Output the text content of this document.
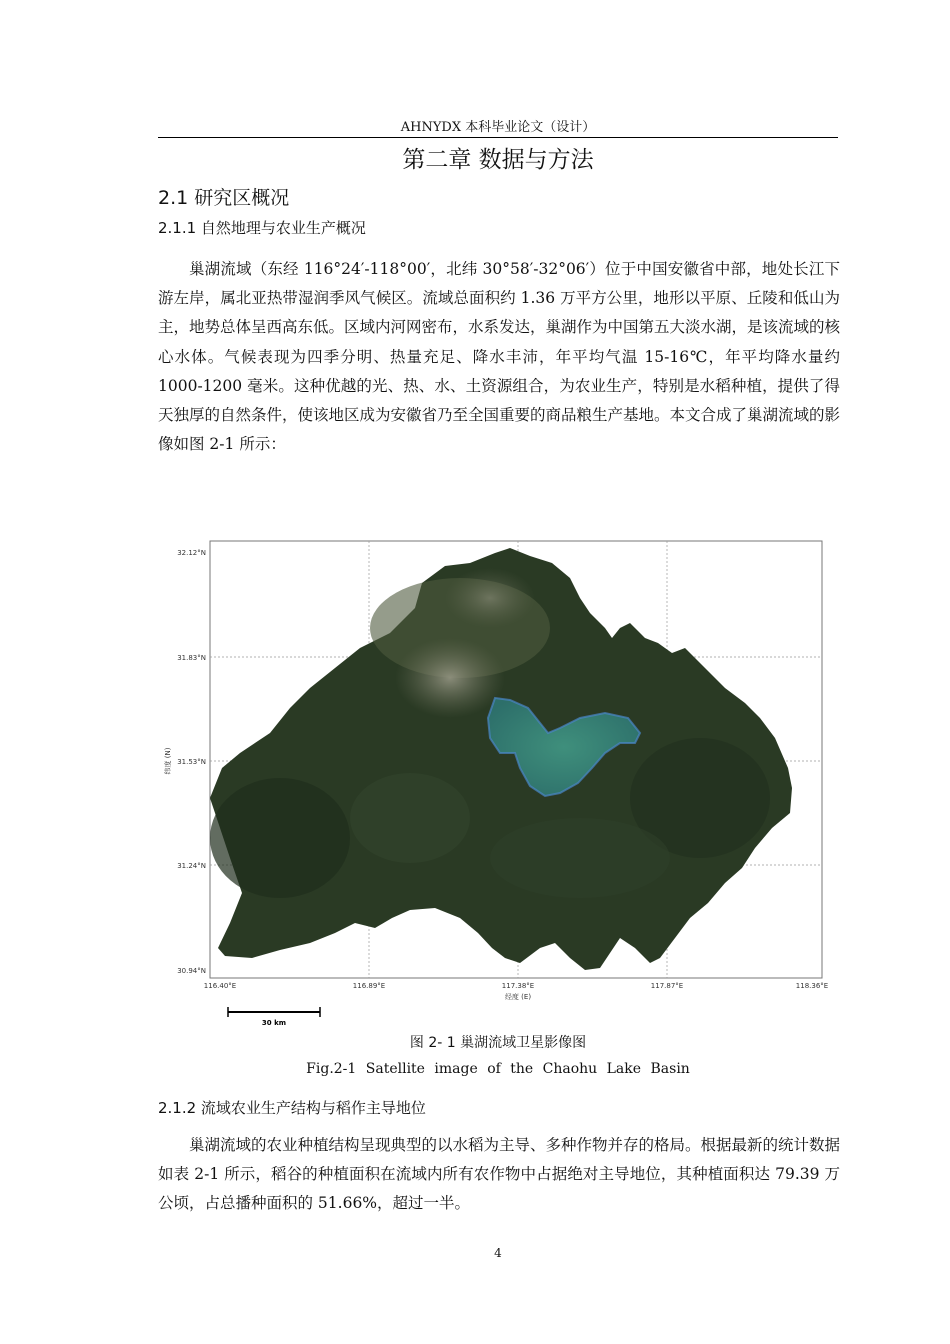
AHNYDX 本科毕业论文（设计）
第二章 数据与方法
2.1 研究区概况
2.1.1 自然地理与农业生产概况
巢湖流域（东经 116°24′-118°00′，北纬 30°58′-32°06′）位于中国安徽省中部，地处长江下游左岸，属北亚热带湿润季风气候区。流域总面积约 1.36 万平方公里，地形以平原、丘陵和低山为主，地势总体呈西高东低。区域内河网密布，水系发达，巢湖作为中国第五大淡水湖，是该流域的核心水体。气候表现为四季分明、热量充足、降水丰沛，年平均气温 15-16℃，年平均降水量约 1000-1200 毫米。这种优越的光、热、水、土资源组合，为农业生产，特别是水稻种植，提供了得天独厚的自然条件，使该地区成为安徽省乃至全国重要的商品粮生产基地。本文合成了巢湖流域的影像如图 2-1 所示：
32.12°N
31.83°N
31.53°N
31.24°N
30.94°N
116.40°E	116.89°E	117.38°E	117.87°E	118.36°E
经度 (E)
纬度 (N)
30 km
图 2- 1 巢湖流域卫星影像图
Fig.2-1 Satellite image of the Chaohu Lake Basin
2.1.2 流域农业生产结构与稻作主导地位
巢湖流域的农业种植结构呈现典型的以水稻为主导、多种作物并存的格局。根据最新的统计数据如表 2-1 所示，稻谷的种植面积在流域内所有农作物中占据绝对主导地位，其种植面积达 79.39 万公顷，占总播种面积的 51.66%，超过一半。
4
